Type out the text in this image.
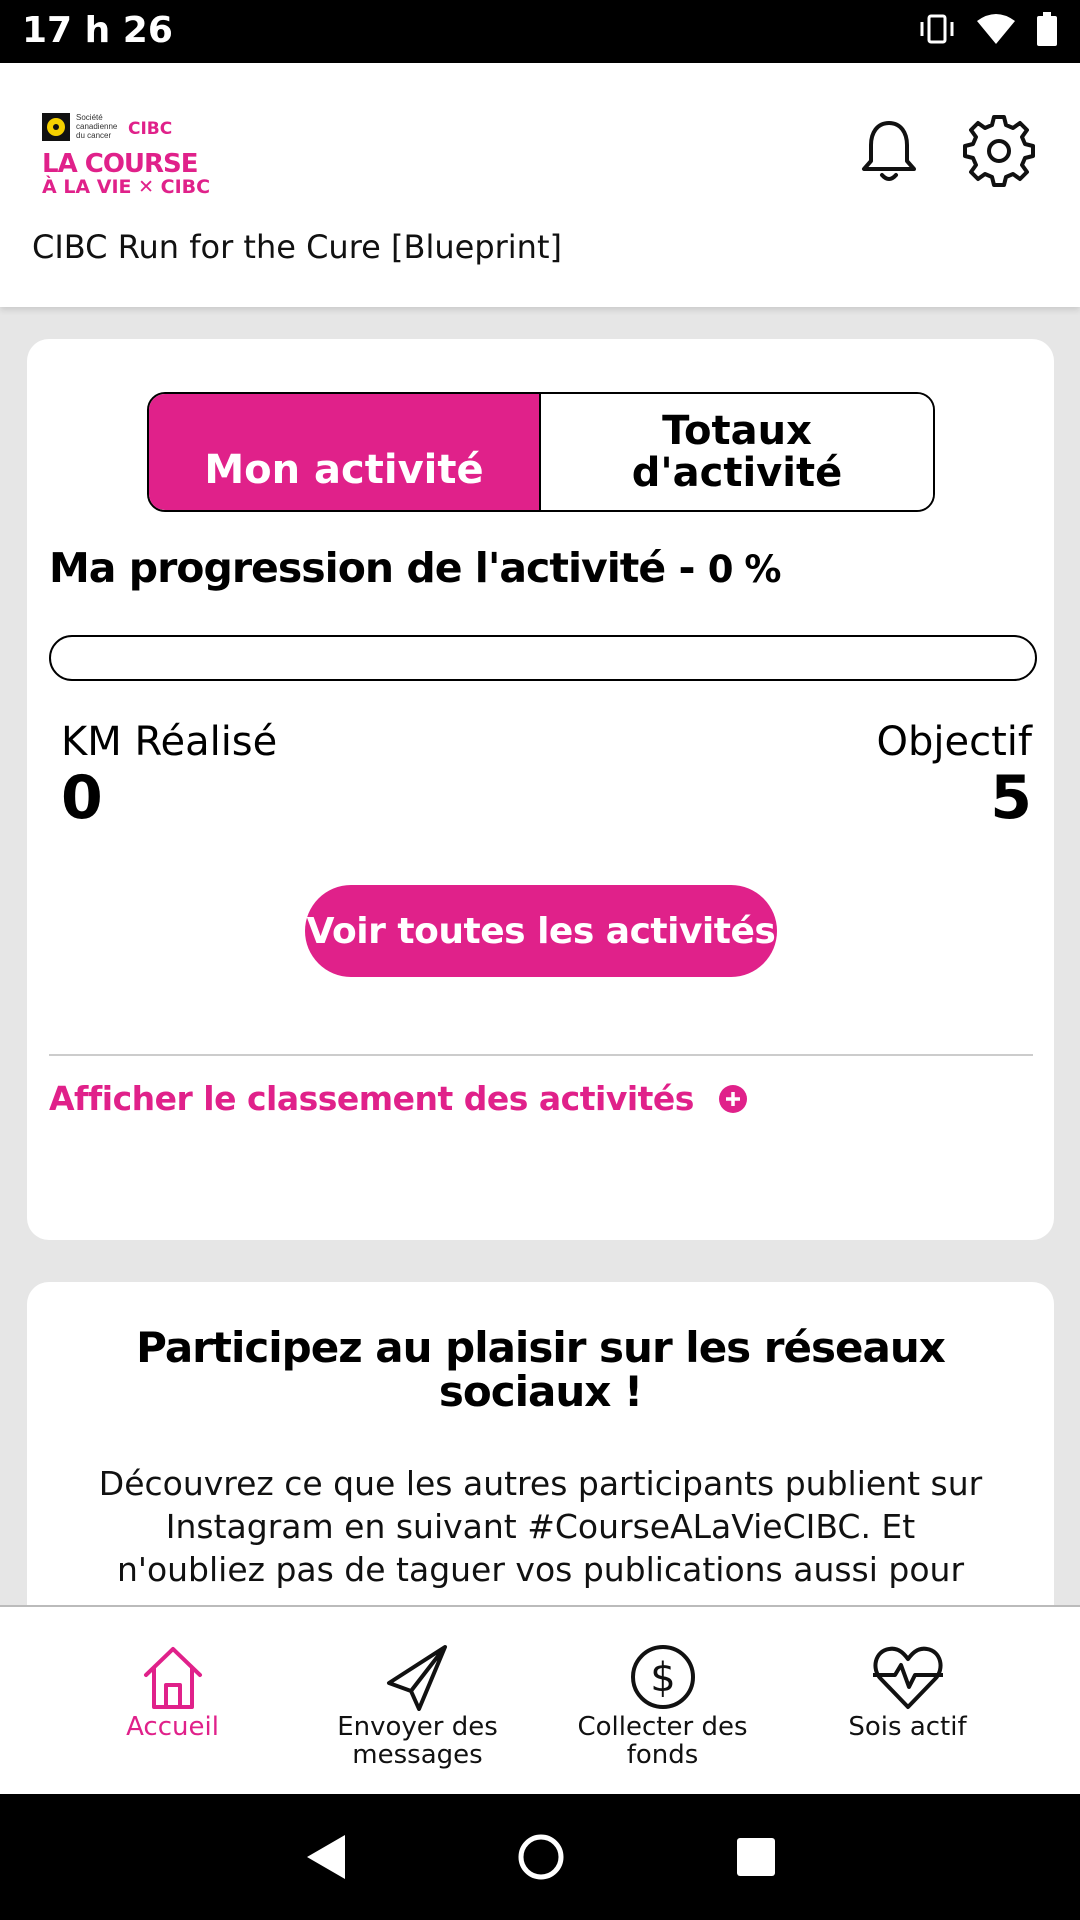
17 h 26
Société canadienne du cancer CIBC
LA COURSE
À LA VIE ✕ CIBC
CIBC Run for the Cure [Blueprint]
Mon activité
Totaux d'activité
Ma progression de l'activité - 0 %
KM Réalisé
0
Objectif
5
Voir toutes les activités
Afficher le classement des activités
Participez au plaisir sur les réseaux sociaux !
Découvrez ce que les autres participants publient sur Instagram en suivant #CourseALaVieCIBC. Et n'oubliez pas de taguer vos publications aussi pour
Accueil	Envoyer des messages
$
Collecter des fonds
Sois actif
